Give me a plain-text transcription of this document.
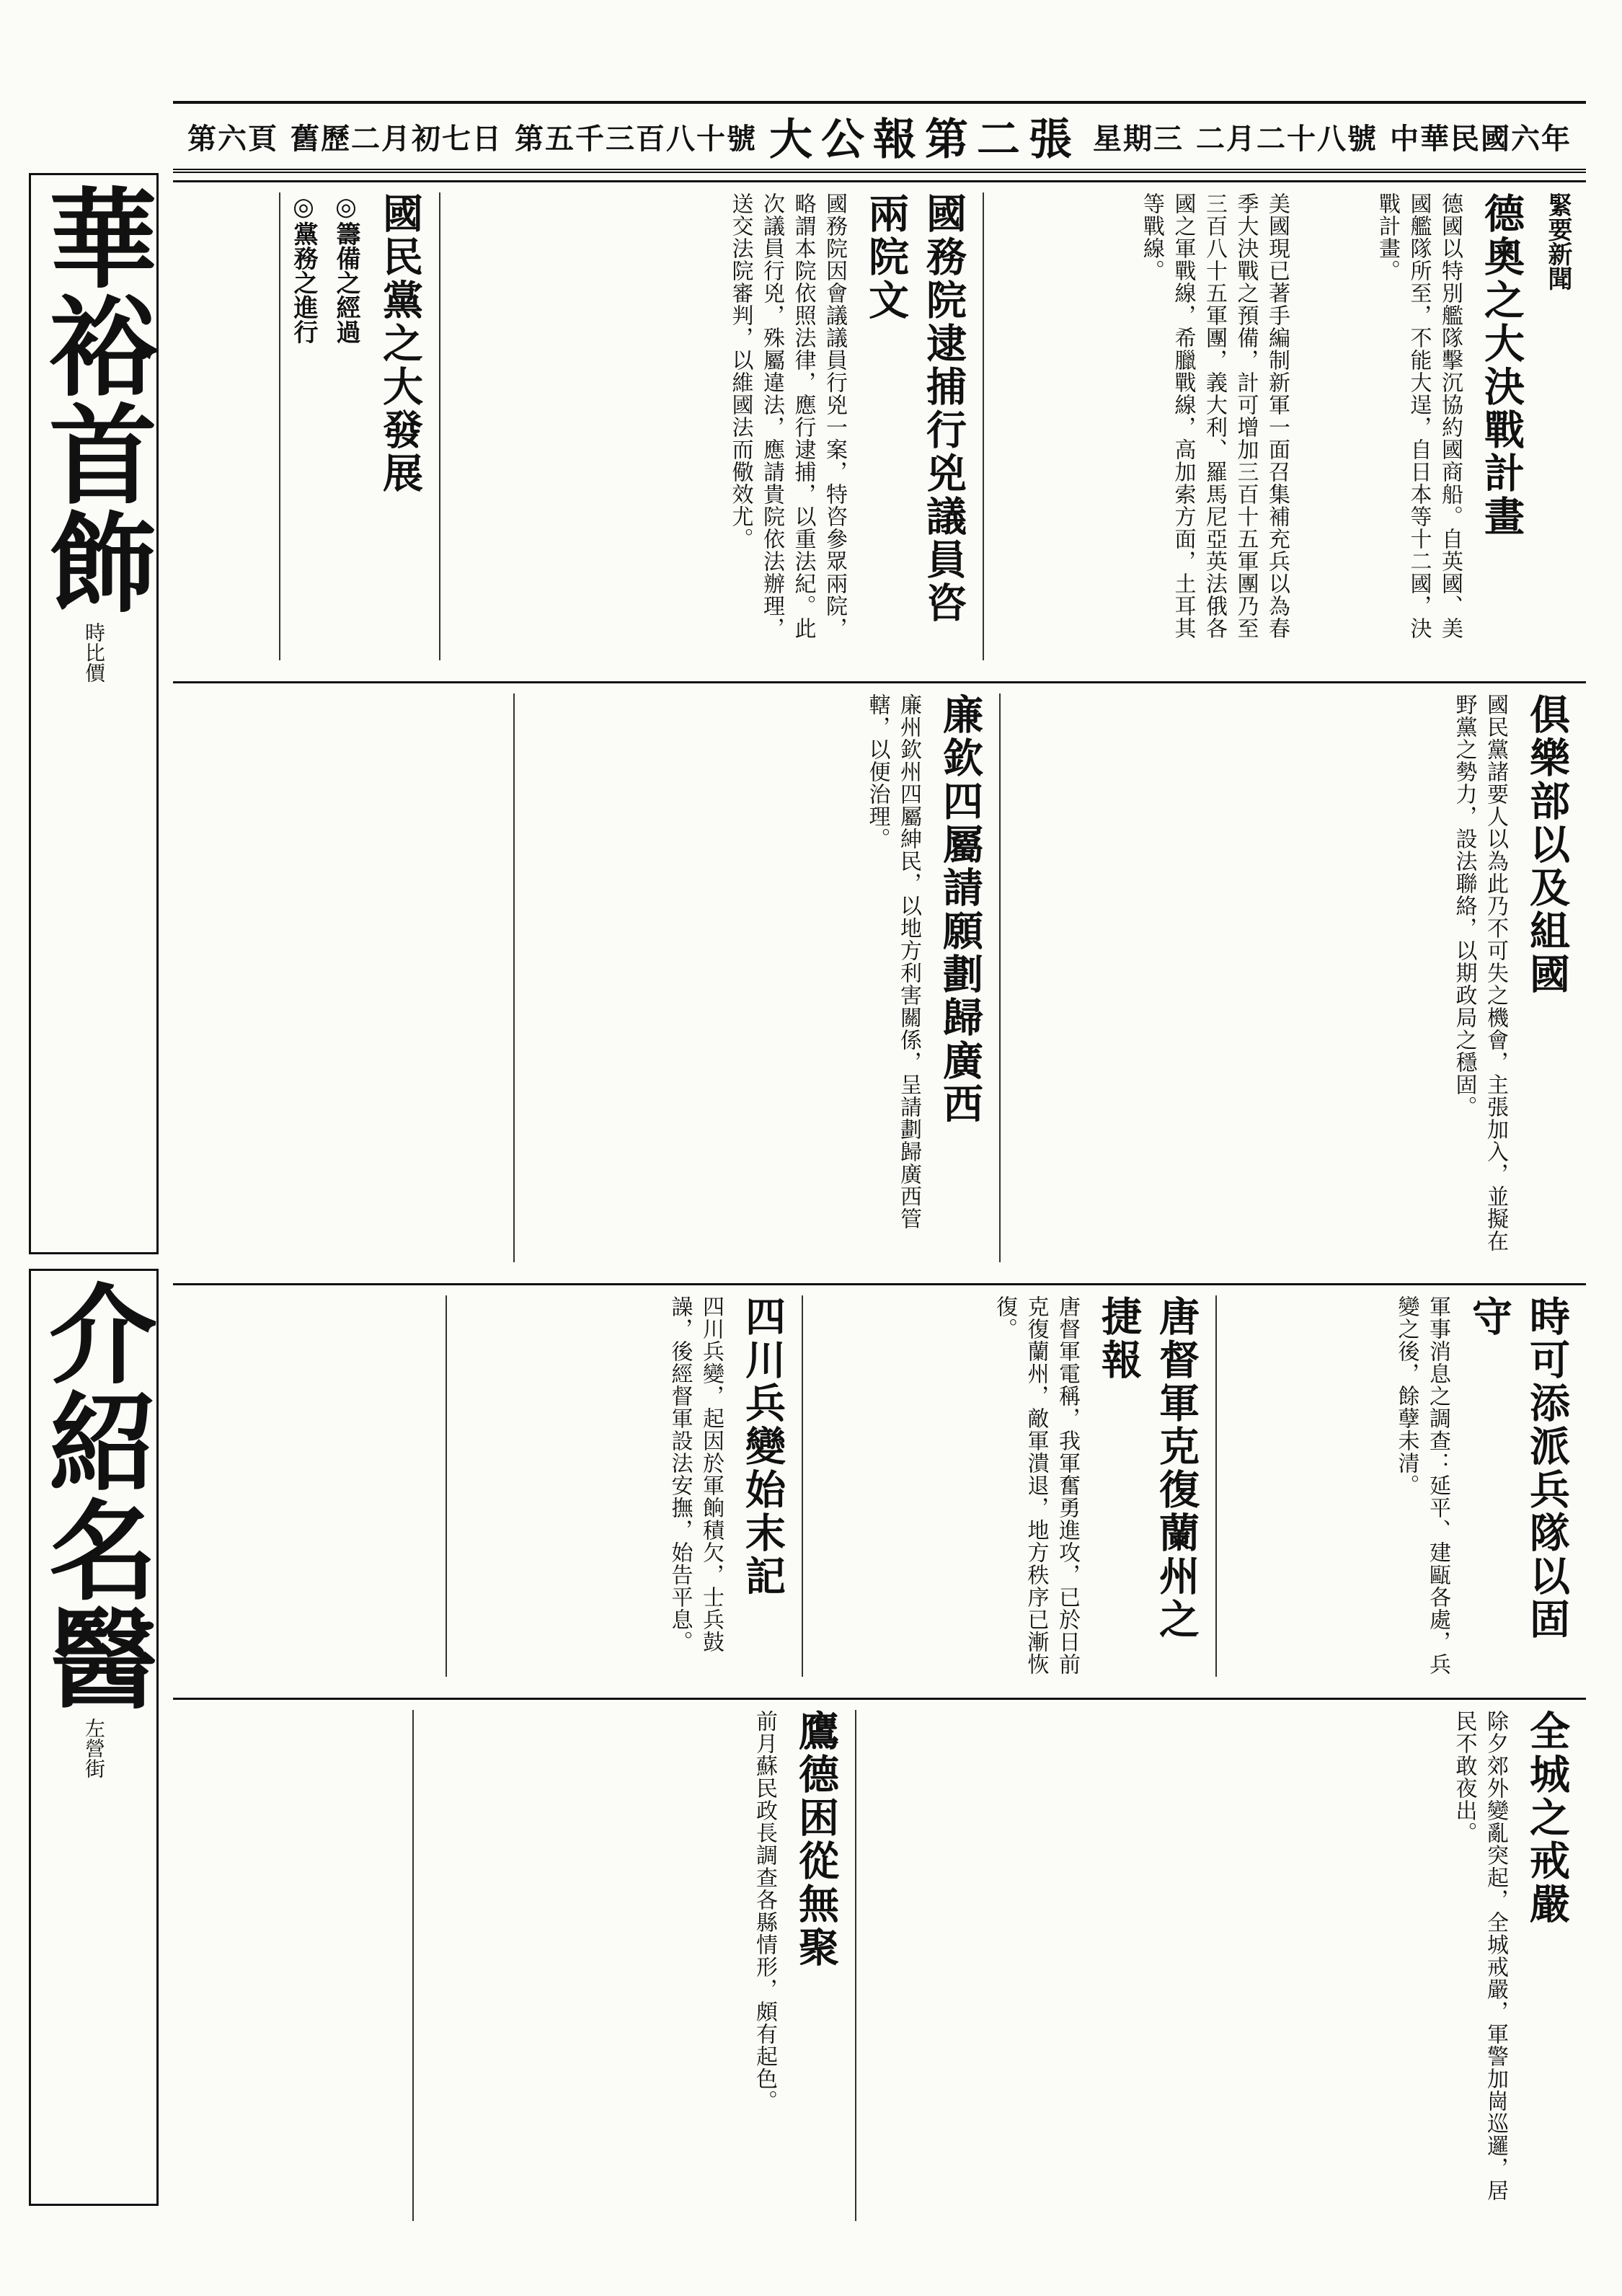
中華民國六年
二月二十八號
星期三
大公報第二張
第五千三百八十號
舊歷二月初七日
第六頁
華裕首飾
時比價
介紹名醫
左營街
緊要新聞
德奧之大決戰計畫
德國以特別艦隊擊沉協約國商船。自英國、美國艦隊所至，不能大逞，自日本等十二國，決戰計畫。
美國現已著手編制新軍一面召集補充兵以為春季大決戰之預備，計可增加三百十五軍團乃至三百八十五軍團，義大利、羅馬尼亞英法俄各國之軍戰線，希臘戰線，高加索方面，土耳其等戰線。
國務院逮捕行兇議員咨兩院文
國務院因會議議員行兇一案，特咨參眾兩院，略謂本院依照法律，應行逮捕，以重法紀。此次議員行兇，殊屬違法，應請貴院依法辦理，送交法院審判，以維國法而儆效尤。
國民黨之大發展
◎籌備之經過
◎黨務之進行
俱樂部以及組國
國民黨諸要人以為此乃不可失之機會，主張加入，並擬在野黨之勢力，設法聯絡，以期政局之穩固。
廉欽四屬請願劃歸廣西
廉州欽州四屬紳民，以地方利害關係，呈請劃歸廣西管轄，以便治理。
時可添派兵隊以固守
軍事消息之調查：延平、建甌各處，兵變之後，餘孽未清。
唐督軍克復蘭州之捷報
唐督軍電稱，我軍奮勇進攻，已於日前克復蘭州，敵軍潰退，地方秩序已漸恢復。
四川兵變始末記
四川兵變，起因於軍餉積欠，士兵鼓譟，後經督軍設法安撫，始告平息。
全城之戒嚴
除夕郊外變亂突起，全城戒嚴，軍警加崗巡邏，居民不敢夜出。
鷹德困從無聚
前月蘇民政長調查各縣情形，頗有起色。
